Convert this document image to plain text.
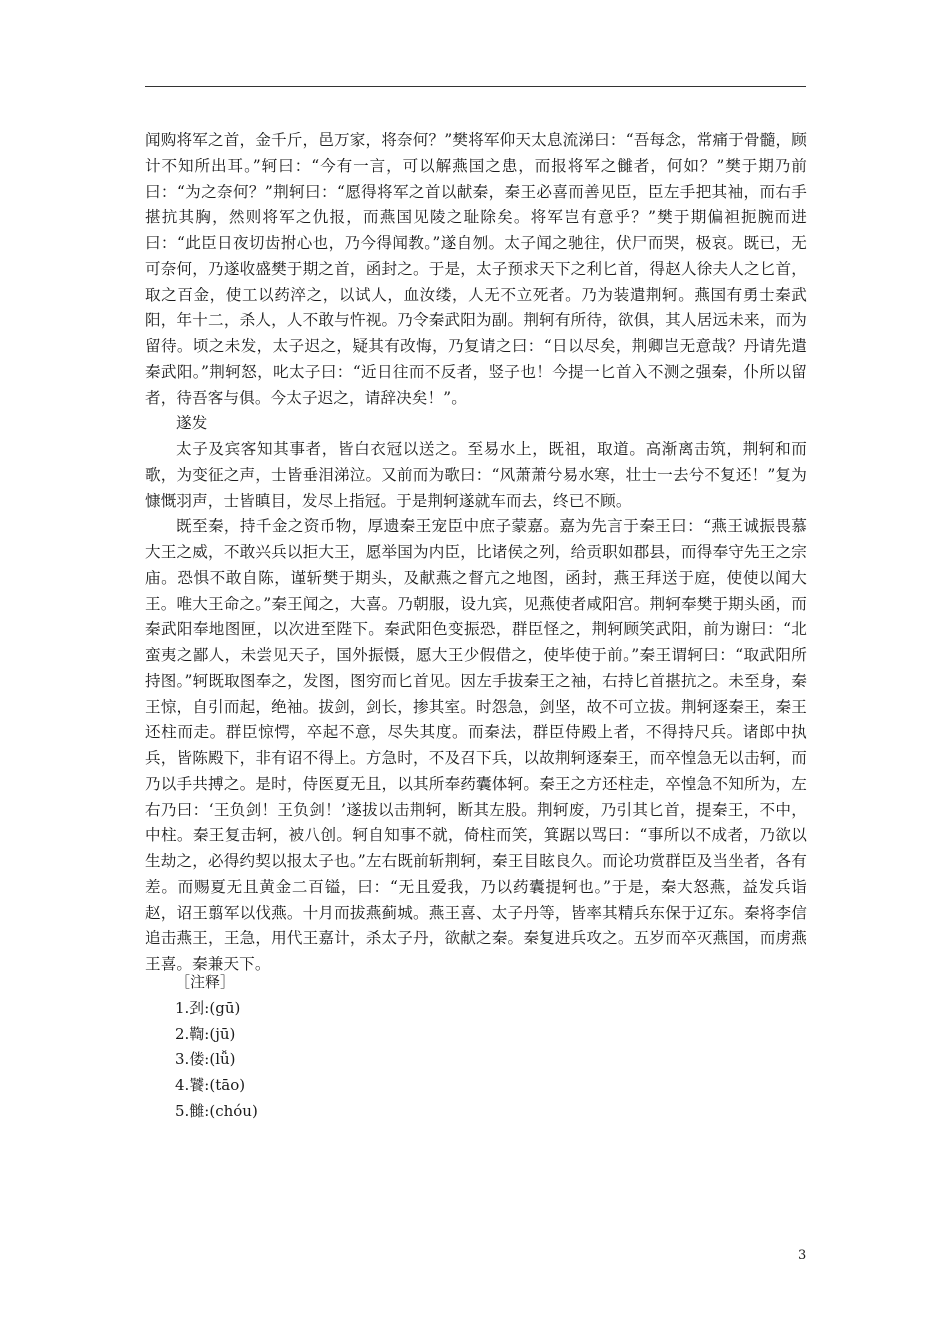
闻购将军之首，金千斤，邑万家，将奈何？”樊将军仰天太息流涕曰：“吾每念，常痛于骨髓，顾计不知所出耳。”轲曰：“今有一言，可以解燕国之患，而报将军之雠者，何如？”樊于期乃前曰：“为之奈何？”荆轲曰：“愿得将军之首以献秦，秦王必喜而善见臣，臣左手把其袖，而右手揕抗其胸，然则将军之仇报，而燕国见陵之耻除矣。将军岂有意乎？”樊于期偏袒扼腕而进曰：“此臣日夜切齿拊心也，乃今得闻教。”遂自刎。太子闻之驰往，伏尸而哭，极哀。既已，无可奈何，乃遂收盛樊于期之首，函封之。于是，太子预求天下之利匕首，得赵人徐夫人之匕首，取之百金，使工以药淬之，以试人，血汝缕，人无不立死者。乃为装遣荆轲。燕国有勇士秦武阳，年十二，杀人，人不敢与忤视。乃令秦武阳为副。荆轲有所待，欲俱，其人居远未来，而为留待。顷之未发，太子迟之，疑其有改悔，乃复请之曰：“日以尽矣，荆卿岂无意哉？丹请先遣秦武阳。”荆轲怒，叱太子曰：“近日往而不反者，竖子也！今提一匕首入不测之强秦，仆所以留者，待吾客与俱。今太子迟之，请辞决矣！”。

遂发

太子及宾客知其事者，皆白衣冠以送之。至易水上，既祖，取道。高渐离击筑，荆轲和而歌，为变征之声，士皆垂泪涕泣。又前而为歌曰：“风萧萧兮易水寒，壮士一去兮不复还！”复为慷慨羽声，士皆瞋目，发尽上指冠。于是荆轲遂就车而去，终已不顾。

既至秦，持千金之资币物，厚遗秦王宠臣中庶子蒙嘉。嘉为先言于秦王曰：“燕王诚振畏慕大王之威，不敢兴兵以拒大王，愿举国为内臣，比诸侯之列，给贡职如郡县，而得奉守先王之宗庙。恐惧不敢自陈，谨斩樊于期头，及献燕之督亢之地图，函封，燕王拜送于庭，使使以闻大王。唯大王命之。”秦王闻之，大喜。乃朝服，设九宾，见燕使者咸阳宫。荆轲奉樊于期头函，而秦武阳奉地图匣，以次进至陛下。秦武阳色变振恐，群臣怪之，荆轲顾笑武阳，前为谢曰：“北蛮夷之鄙人，未尝见天子，国外振慑，愿大王少假借之，使毕使于前。”秦王谓轲曰：“取武阳所持图。”轲既取图奉之，发图，图穷而匕首见。因左手拔秦王之袖，右持匕首揕抗之。未至身，秦王惊，自引而起，绝袖。拔剑，剑长，掺其室。时怨急，剑坚，故不可立拔。荆轲逐秦王，秦王还柱而走。群臣惊愕，卒起不意，尽失其度。而秦法，群臣侍殿上者，不得持尺兵。诸郎中执兵，皆陈殿下，非有诏不得上。方急时，不及召下兵，以故荆轲逐秦王，而卒惶急无以击轲，而乃以手共搏之。是时，侍医夏无且，以其所奉药囊体轲。秦王之方还柱走，卒惶急不知所为，左右乃曰：‘王负剑！王负剑！’遂拔以击荆轲，断其左股。荆轲废，乃引其匕首，提秦王，不中，中柱。秦王复击轲，被八创。轲自知事不就，倚柱而笑，箕踞以骂曰：“事所以不成者，乃欲以生劫之，必得约契以报太子也。”左右既前斩荆轲，秦王目眩良久。而论功赏群臣及当坐者，各有差。而赐夏无且黄金二百镒，曰：“无且爱我，乃以药囊提轲也。”于是，秦大怒燕，益发兵诣赵，诏王翦军以伐燕。十月而拔燕蓟城。燕王喜、太子丹等，皆率其精兵东保于辽东。秦将李信追击燕王，王急，用代王嘉计，杀太子丹，欲献之秦。秦复进兵攻之。五岁而卒灭燕国，而虏燕王喜。秦兼天下。

［注释］

1.刭:(gū)

2.鞫:(jū)

3.偻:(lǚ)

4.饕:(tāo)

5.雠:(chóu)

3
